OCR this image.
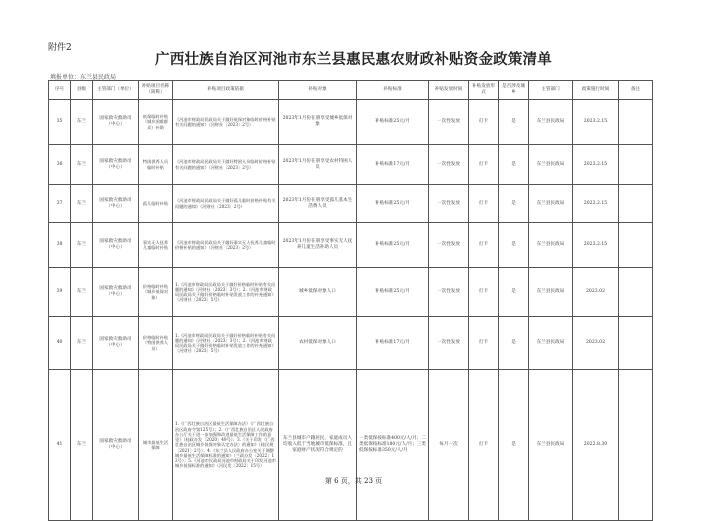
附件2
广西壮族自治区河池市东兰县惠民惠农财政补贴资金政策清单
填报单位：东兰县民政局
序号	县级	主管部门（单位）	补贴项目名称（简称）	补贴项目政策依据	补贴对象	补贴标准	补贴发放时间	补贴发放形式	是否涉及城乡	主管部门	政策施行时间	备注
35	东兰	国家救灾救助司（中心）	低保临时补贴（城乡困难群众）补助	《河池市财政局民政局关于做好低保对象临时价格补贴有关问题的通知》（河财社〔2023〕2号）	2023年1月份在册享受城乡低保对象	补贴标准25元/月	一次性发放	打卡	是	东兰县民政局	2023.2.15	
36	东兰	国家救灾救助司（中心）	特困供养人员临时补贴	《河池市财政局民政局关于做好特困人员临时价格补贴有关问题的通知》（河财社〔2023〕2号）	2023年1月份在册享受农村特困人员	补贴标准17元/月	一次性发放	打卡	是	东兰县民政局	2023.2.15	
37	东兰	国家救灾救助司（中心）	孤儿临时补贴	《河池市财政局民政局关于做好孤儿临时价格补贴有关问题的通知》（河财社〔2023〕2号）	2023年1月份在册享受孤儿基本生活费人员	补贴标准25元/月	一次性发放	打卡	是	东兰县民政局	2023.2.15	
38	东兰	国家救灾救助司（中心）	事实无人抚养儿童临时补贴	《河池市财政局民政局关于做好事实无人抚养儿童临时价格补贴的通知》（河财社〔2023〕2号）	2023年1月份在册享受事实无人抚养儿童生活补助人员	补贴标准25元/月	一次性发放	打卡	是	东兰县民政局	2023.2.15	
39	东兰	国家救灾救助司（中心）	价格临时补贴（城乡低保对象）	1.《河池市财政局民政局关于做好价格临时补贴有关问题的通知》（河财社〔2023〕3号）；2.《河池市财政局民政局关于做好价格临时补贴发放工作的补充通知》（河财社〔2023〕5号）	城乡低保对象人口	补贴标准25元/月	一次性发放	打卡	是	东兰县民政局	2023.02	
40	东兰	国家救灾救助司（中心）	价格临时补贴（特困供养人员）	1.《河池市财政局民政局关于做好价格临时补贴有关问题的通知》（河财社〔2023〕3号）；2.《河池市财政局民政局关于做好价格临时补贴发放工作的补充通知》（河财社〔2023〕5号）	农村低保对象人口	补贴标准17元/月	一次性发放	打卡	是	东兰县民政局	2023.02	
41	东兰	国家救灾救助司（中心）	城市最低生活保障	1.《广西壮族自治区最低生活保障办法》（广西壮族自治区政府令第125号）；2.《广西壮族自治区人民政府办公厅关于进一步加强和改进最低生活保障工作的意见》（桂政办发〔2020〕49号）；3.《关于印发〈广西壮族自治区城乡低保对象认定办法〉的通知》（桂民规〔2021〕2号）；4.《东兰县人民政府办公室关于调整城乡最低生活保障标准的通知》（兰政办发〔2022〕12号）；5.《河池市民政局河池市财政局关于印发河池市城乡低保标准的通知》（河民发〔2022〕15号）	东兰县城市户籍居民，家庭成员人均收入低于当地城市低保标准，且家庭财产状况符合规定的	一类低保按标准400元/人/月；二类低保按标准180元/人/月；三类低保按标准350元/人/月	每月一次	打卡	是	东兰县民政局	2022.8.30	
第 6 页，共 23 页
